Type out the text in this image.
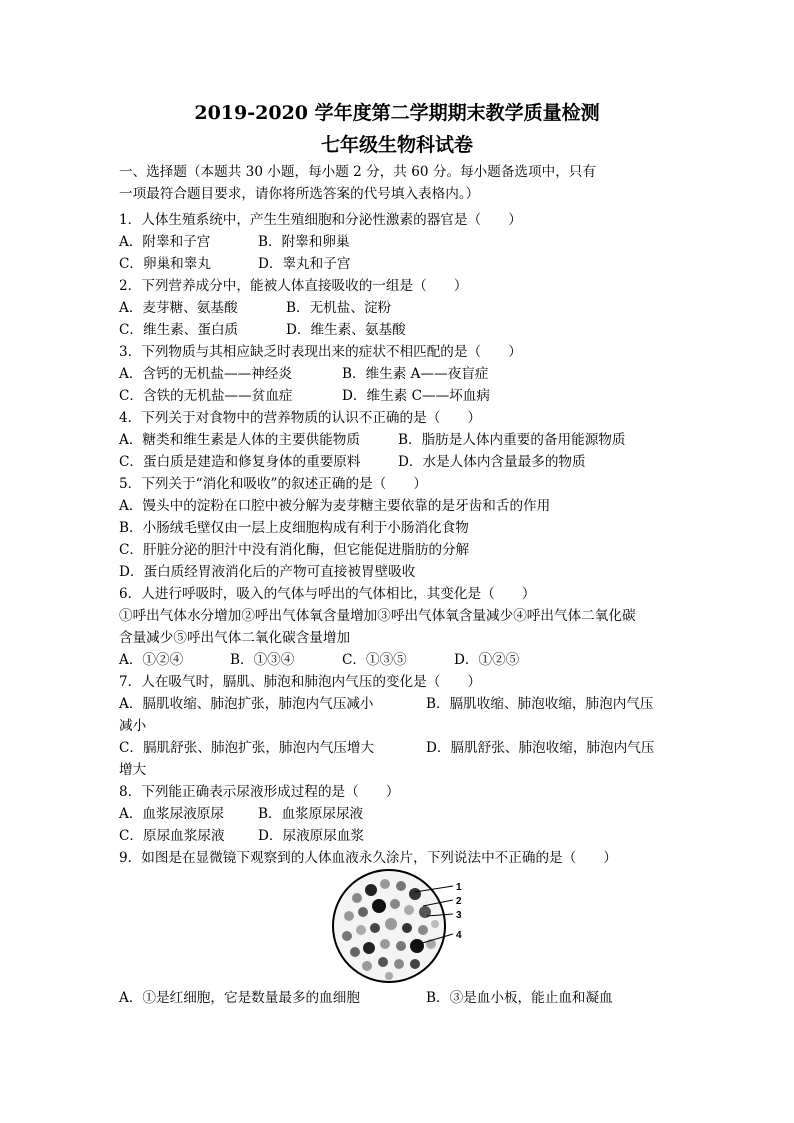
2019-2020 学年度第二学期期末教学质量检测
七年级生物科试卷
一、选择题（本题共 30 小题，每小题 2 分，共 60 分。每小题备选项中，只有
一项最符合题目要求，请你将所选答案的代号填入表格内。）
1．人体生殖系统中，产生生殖细胞和分泌性激素的器官是（　　）
A．附睾和子宫	B．附睾和卵巢
C．卵巢和睾丸	D．睾丸和子宫
2．下列营养成分中，能被人体直接吸收的一组是（　　）
A．麦芽糖、氨基酸	B．无机盐、淀粉
C．维生素、蛋白质	D．维生素、氨基酸
3．下列物质与其相应缺乏时表现出来的症状不相匹配的是（　　）
A．含钙的无机盐——神经炎	B．维生素 A——夜盲症
C．含铁的无机盐——贫血症	D．维生素 C——坏血病
4．下列关于对食物中的营养物质的认识不正确的是（　　）
A．糖类和维生素是人体的主要供能物质	B．脂肪是人体内重要的备用能源物质
C．蛋白质是建造和修复身体的重要原料	D．水是人体内含量最多的物质
5．下列关于“消化和吸收”的叙述正确的是（　　）
A．馒头中的淀粉在口腔中被分解为麦芽糖主要依靠的是牙齿和舌的作用
B．小肠绒毛壁仅由一层上皮细胞构成有利于小肠消化食物
C．肝脏分泌的胆汁中没有消化酶，但它能促进脂肪的分解
D．蛋白质经胃液消化后的产物可直接被胃壁吸收
6．人进行呼吸时，吸入的气体与呼出的气体相比，其变化是（　　）
①呼出气体水分增加②呼出气体氧含量增加③呼出气体氧含量减少④呼出气体二氧化碳
含量减少⑤呼出气体二氧化碳含量增加
A．①②④	B．①③④	C．①③⑤	D．①②⑤
7．人在吸气时，膈肌、肺泡和肺泡内气压的变化是（　　）
A．膈肌收缩、肺泡扩张，肺泡内气压减小	B．膈肌收缩、肺泡收缩，肺泡内气压
减小
C．膈肌舒张、肺泡扩张，肺泡内气压增大	D．膈肌舒张、肺泡收缩，肺泡内气压
增大
8．下列能正确表示尿液形成过程的是（　　）
A．血浆尿液原尿	B．血浆原尿尿液
C．原尿血浆尿液 D．尿液原尿血浆
9．如图是在显微镜下观察到的人体血液永久涂片，下列说法中不正确的是（　　）
1
2
3
4
A．①是红细胞，它是数量最多的血细胞	B．③是血小板，能止血和凝血
